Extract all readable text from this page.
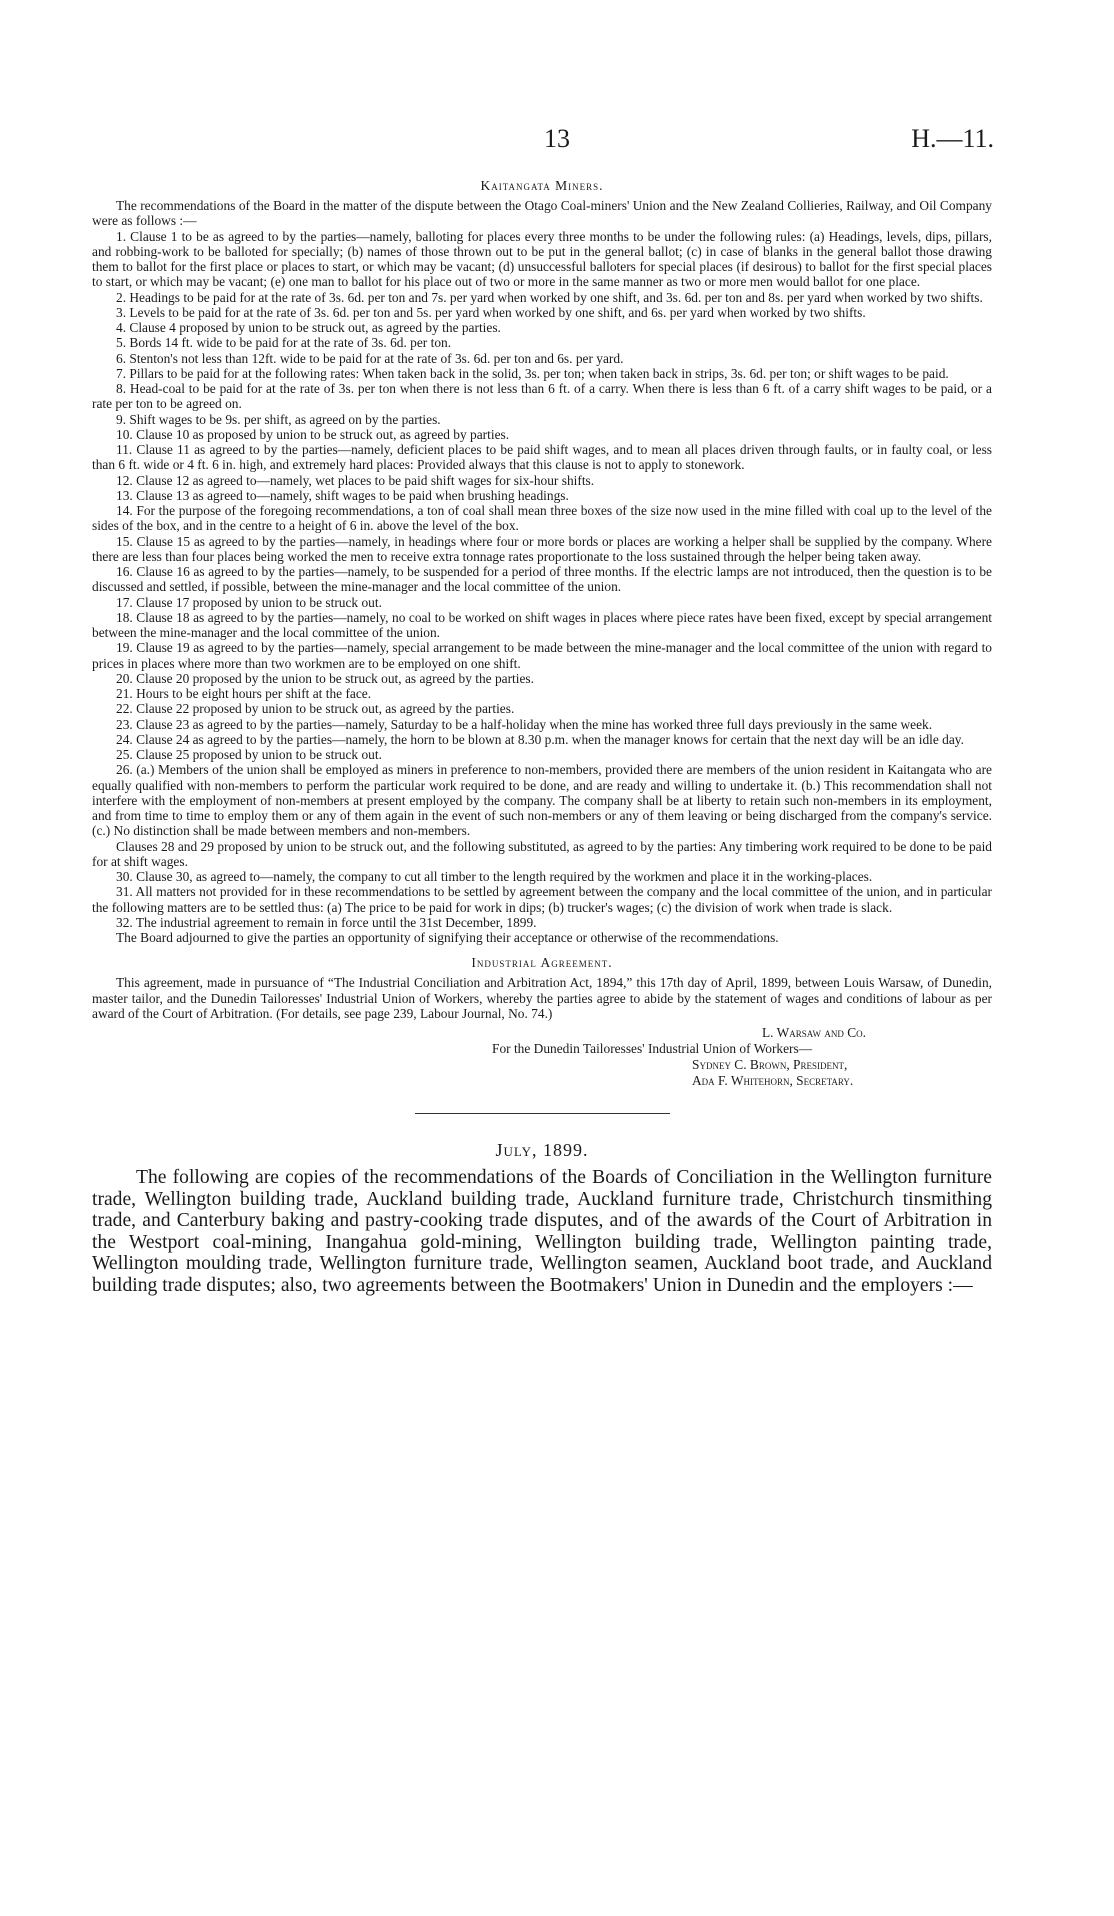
13	H.—11.
Kaitangata Miners.

The recommendations of the Board in the matter of the dispute between the Otago Coal-miners' Union and the New Zealand Collieries, Railway, and Oil Company were as follows :—

1. Clause 1 to be as agreed to by the parties—namely, balloting for places every three months to be under the following rules: (a) Headings, levels, dips, pillars, and robbing-work to be balloted for specially; (b) names of those thrown out to be put in the general ballot; (c) in case of blanks in the general ballot those drawing them to ballot for the first place or places to start, or which may be vacant; (d) unsuccessful balloters for special places (if desirous) to ballot for the first special places to start, or which may be vacant; (e) one man to ballot for his place out of two or more in the same manner as two or more men would ballot for one place.

2. Headings to be paid for at the rate of 3s. 6d. per ton and 7s. per yard when worked by one shift, and 3s. 6d. per ton and 8s. per yard when worked by two shifts.

3. Levels to be paid for at the rate of 3s. 6d. per ton and 5s. per yard when worked by one shift, and 6s. per yard when worked by two shifts.

4. Clause 4 proposed by union to be struck out, as agreed by the parties.

5. Bords 14 ft. wide to be paid for at the rate of 3s. 6d. per ton.

6. Stenton's not less than 12ft. wide to be paid for at the rate of 3s. 6d. per ton and 6s. per yard.

7. Pillars to be paid for at the following rates: When taken back in the solid, 3s. per ton; when taken back in strips, 3s. 6d. per ton; or shift wages to be paid.

8. Head-coal to be paid for at the rate of 3s. per ton when there is not less than 6 ft. of a carry. When there is less than 6 ft. of a carry shift wages to be paid, or a rate per ton to be agreed on.

9. Shift wages to be 9s. per shift, as agreed on by the parties.

10. Clause 10 as proposed by union to be struck out, as agreed by parties.

11. Clause 11 as agreed to by the parties—namely, deficient places to be paid shift wages, and to mean all places driven through faults, or in faulty coal, or less than 6 ft. wide or 4 ft. 6 in. high, and extremely hard places: Provided always that this clause is not to apply to stonework.

12. Clause 12 as agreed to—namely, wet places to be paid shift wages for six-hour shifts.

13. Clause 13 as agreed to—namely, shift wages to be paid when brushing headings.

14. For the purpose of the foregoing recommendations, a ton of coal shall mean three boxes of the size now used in the mine filled with coal up to the level of the sides of the box, and in the centre to a height of 6 in. above the level of the box.

15. Clause 15 as agreed to by the parties—namely, in headings where four or more bords or places are working a helper shall be supplied by the company. Where there are less than four places being worked the men to receive extra tonnage rates proportionate to the loss sustained through the helper being taken away.

16. Clause 16 as agreed to by the parties—namely, to be suspended for a period of three months. If the electric lamps are not introduced, then the question is to be discussed and settled, if possible, between the mine-manager and the local committee of the union.

17. Clause 17 proposed by union to be struck out.

18. Clause 18 as agreed to by the parties—namely, no coal to be worked on shift wages in places where piece rates have been fixed, except by special arrangement between the mine-manager and the local committee of the union.

19. Clause 19 as agreed to by the parties—namely, special arrangement to be made between the mine-manager and the local committee of the union with regard to prices in places where more than two workmen are to be employed on one shift.

20. Clause 20 proposed by the union to be struck out, as agreed by the parties.

21. Hours to be eight hours per shift at the face.

22. Clause 22 proposed by union to be struck out, as agreed by the parties.

23. Clause 23 as agreed to by the parties—namely, Saturday to be a half-holiday when the mine has worked three full days previously in the same week.

24. Clause 24 as agreed to by the parties—namely, the horn to be blown at 8.30 p.m. when the manager knows for certain that the next day will be an idle day.

25. Clause 25 proposed by union to be struck out.

26. (a.) Members of the union shall be employed as miners in preference to non-members, provided there are members of the union resident in Kaitangata who are equally qualified with non-members to perform the particular work required to be done, and are ready and willing to undertake it. (b.) This recommendation shall not interfere with the employment of non-members at present employed by the company. The company shall be at liberty to retain such non-members in its employment, and from time to time to employ them or any of them again in the event of such non-members or any of them leaving or being discharged from the company's service. (c.) No distinction shall be made between members and non-members.

Clauses 28 and 29 proposed by union to be struck out, and the following substituted, as agreed to by the parties: Any timbering work required to be done to be paid for at shift wages.

30. Clause 30, as agreed to—namely, the company to cut all timber to the length required by the workmen and place it in the working-places.

31. All matters not provided for in these recommendations to be settled by agreement between the company and the local committee of the union, and in particular the following matters are to be settled thus: (a) The price to be paid for work in dips; (b) trucker's wages; (c) the division of work when trade is slack.

32. The industrial agreement to remain in force until the 31st December, 1899.

The Board adjourned to give the parties an opportunity of signifying their acceptance or otherwise of the recommendations.

Industrial Agreement.

This agreement, made in pursuance of “The Industrial Conciliation and Arbitration Act, 1894,” this 17th day of April, 1899, between Louis Warsaw, of Dunedin, master tailor, and the Dunedin Tailoresses' Industrial Union of Workers, whereby the parties agree to abide by the statement of wages and conditions of labour as per award of the Court of Arbitration. (For details, see page 239, Labour Journal, No. 74.)

L. Warsaw and Co.
For the Dunedin Tailoresses' Industrial Union of Workers—
Sydney C. Brown, President,
Ada F. Whitehorn, Secretary.
July, 1899.

The following are copies of the recommendations of the Boards of Conciliation in the Wellington furniture trade, Wellington building trade, Auckland building trade, Auckland furniture trade, Christchurch tinsmithing trade, and Canterbury baking and pastry-cooking trade disputes, and of the awards of the Court of Arbitration in the Westport coal-mining, Inangahua gold-mining, Wellington building trade, Wellington painting trade, Wellington moulding trade, Wellington furniture trade, Wellington seamen, Auckland boot trade, and Auckland building trade disputes; also, two agreements between the Bootmakers' Union in Dunedin and the employers :—
